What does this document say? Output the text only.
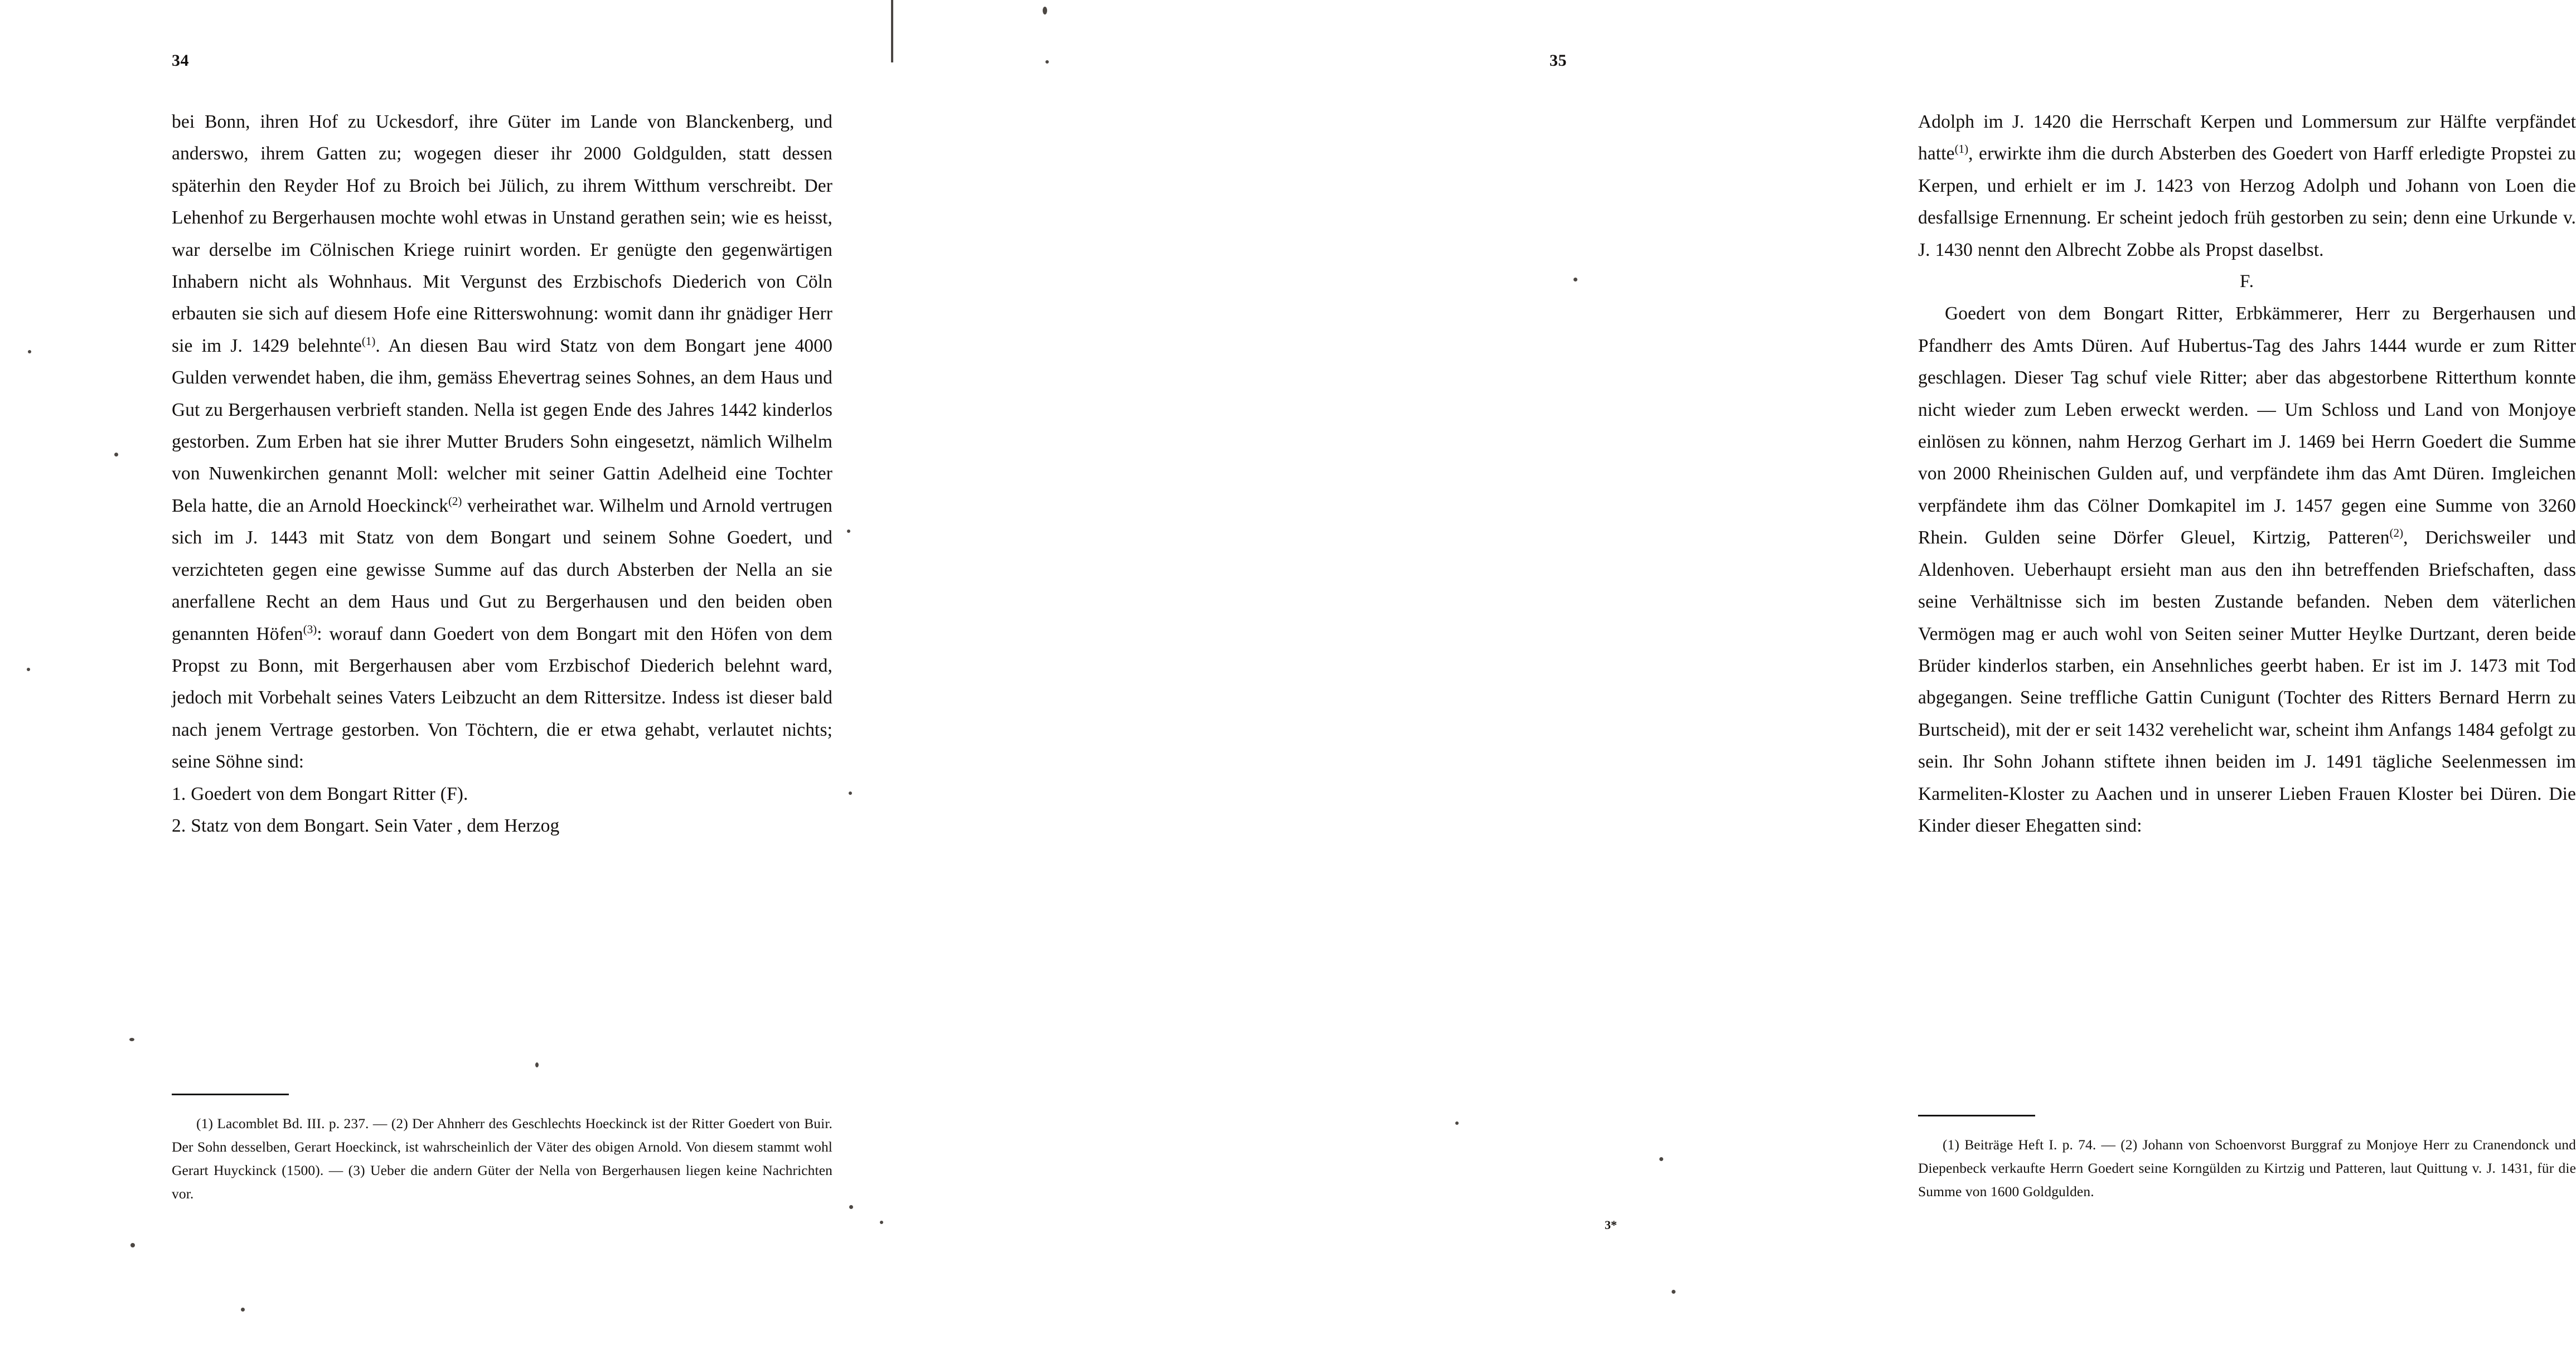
34

bei Bonn, ihren Hof zu Uckesdorf, ihre Güter im Lande von Blanckenberg, und anderswo, ihrem Gatten zu; wogegen dieser ihr 2000 Goldgulden, statt dessen späterhin den Reyder Hof zu Broich bei Jülich, zu ihrem Witthum verschreibt. Der Lehenhof zu Bergerhausen mochte wohl etwas in Unstand gerathen sein; wie es heisst, war derselbe im Cölnischen Kriege ruinirt worden. Er genügte den gegenwärtigen Inhabern nicht als Wohnhaus. Mit Vergunst des Erzbischofs Diederich von Cöln erbauten sie sich auf diesem Hofe eine Ritterswohnung: womit dann ihr gnädiger Herr sie im J. 1429 belehnte$^{(1)}$. An diesen Bau wird Statz von dem Bongart jene 4000 Gulden verwendet haben, die ihm, gemäss Ehevertrag seines Sohnes, an dem Haus und Gut zu Bergerhausen verbrieft standen. Nella ist gegen Ende des Jahres 1442 kinderlos gestorben. Zum Erben hat sie ihrer Mutter Bruders Sohn eingesetzt, nämlich Wilhelm von Nuwenkirchen genannt Moll: welcher mit seiner Gattin Adelheid eine Tochter Bela hatte, die an Arnold Hoeckinck$^{(2)}$ verheirathet war. Wilhelm und Arnold vertrugen sich im J. 1443 mit Statz von dem Bongart und seinem Sohne Goedert, und verzichteten gegen eine gewisse Summe auf das durch Absterben der Nella an sie anerfallene Recht an dem Haus und Gut zu Bergerhausen und den beiden oben genannten Höfen$^{(3)}$: worauf dann Goedert von dem Bongart mit den Höfen von dem Propst zu Bonn, mit Bergerhausen aber vom Erzbischof Diederich belehnt ward, jedoch mit Vorbehalt seines Vaters Leibzucht an dem Rittersitze. Indess ist dieser bald nach jenem Vertrage gestorben. Von Töchtern, die er etwa gehabt, verlautet nichts; seine Söhne sind:

1. Goedert von dem Bongart Ritter (F).

2. Statz von dem Bongart. Sein Vater , dem Herzog

(1) Lacomblet Bd. III. p. 237. — (2) Der Ahnherr des Geschlechts Hoeckinck ist der Ritter Goedert von Buir. Der Sohn desselben, Gerart Hoeckinck, ist wahrscheinlich der Väter des obigen Arnold. Von diesem stammt wohl Gerart Huyckinck (1500). — (3) Ueber die andern Güter der Nella von Bergerhausen liegen keine Nachrichten vor.

35

Adolph im J. 1420 die Herrschaft Kerpen und Lommersum zur Hälfte verpfändet hatte$^{(1)}$, erwirkte ihm die durch Absterben des Goedert von Harff erledigte Propstei zu Kerpen, und erhielt er im J. 1423 von Herzog Adolph und Johann von Loen die desfallsige Ernennung. Er scheint jedoch früh gestorben zu sein; denn eine Urkunde v. J. 1430 nennt den Albrecht Zobbe als Propst daselbst.

F.

Goedert von dem Bongart Ritter, Erbkämmerer, Herr zu Bergerhausen und Pfandherr des Amts Düren. Auf Hubertus-Tag des Jahrs 1444 wurde er zum Ritter geschlagen. Dieser Tag schuf viele Ritter; aber das abgestorbene Ritterthum konnte nicht wieder zum Leben erweckt werden. — Um Schloss und Land von Monjoye einlösen zu können, nahm Herzog Gerhart im J. 1469 bei Herrn Goedert die Summe von 2000 Rheinischen Gulden auf, und verpfändete ihm das Amt Düren. Imgleichen verpfändete ihm das Cölner Domkapitel im J. 1457 gegen eine Summe von 3260 Rhein. Gulden seine Dörfer Gleuel, Kirtzig, Patteren$^{(2)}$, Derichsweiler und Aldenhoven. Ueberhaupt ersieht man aus den ihn betreffenden Briefschaften, dass seine Verhältnisse sich im besten Zustande befanden. Neben dem väterlichen Vermögen mag er auch wohl von Seiten seiner Mutter Heylke Durtzant, deren beide Brüder kinderlos starben, ein Ansehnliches geerbt haben. Er ist im J. 1473 mit Tod abgegangen. Seine treffliche Gattin Cunigunt (Tochter des Ritters Bernard Herrn zu Burtscheid), mit der er seit 1432 verehelicht war, scheint ihm Anfangs 1484 gefolgt zu sein. Ihr Sohn Johann stiftete ihnen beiden im J. 1491 tägliche Seelenmessen im Karmeliten-Kloster zu Aachen und in unserer Lieben Frauen Kloster bei Düren. Die Kinder dieser Ehegatten sind:

(1) Beiträge Heft I. p. 74. — (2) Johann von Schoenvorst Burggraf zu Monjoye Herr zu Cranendonck und Diepenbeck verkaufte Herrn Goedert seine Korngülden zu Kirtzig und Patteren, laut Quittung v. J. 1431, für die Summe von 1600 Goldgulden.

3*
